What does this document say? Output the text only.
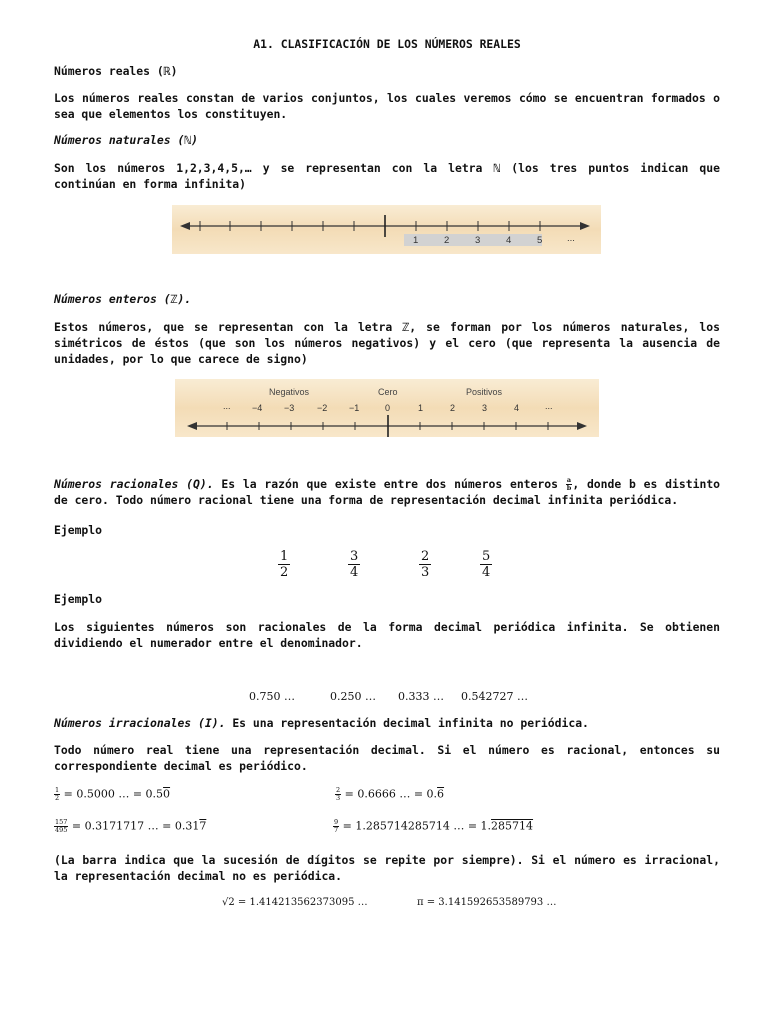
A1. CLASIFICACIÓN DE LOS NÚMEROS REALES
Números reales (ℝ)
Los números reales constan de varios conjuntos, los cuales veremos cómo se encuentran formados o sea que elementos los constituyen.
Números naturales (ℕ)
Son los números 1,2,3,4,5,… y se representan con la letra ℕ (los tres puntos indican que continúan en forma infinita)
1	2	3	4	5	...
Números enteros (ℤ).
Estos números, que se representan con la letra ℤ, se forman por los números naturales, los simétricos de éstos (que son los números negativos) y el cero (que representa la ausencia de unidades, por lo que carece de signo)
Negativos	Cero	Positivos
... −4 −3	−2 −1	0	1	2	3	4	...
Números racionales (Q). Es la razón que existe entre dos números enteros $\frac{a}{b}$ , donde b es distinto de cero. Todo número racional tiene una forma de representación decimal infinita periódica.
Ejemplo
$\frac{1}{2}$	$\frac{3}{4}$	$\frac{2}{3}$	$\frac{5}{4}$
Ejemplo
Los siguientes números son racionales de la forma decimal periódica infinita. Se obtienen dividiendo el numerador entre el denominador.
0.750 …	0.250 … 0.333 … 0.542727 …
Números irracionales (I). Es una representación decimal infinita no periódica.
Todo número real tiene una representación decimal. Si el número es racional, entonces su correspondiente decimal es periódico.
$\frac{1}{2} = 0.5000$ … = 0.50	$\frac{2}{3} = 0.6666$ … = 0.6
$\frac{157}{495} = 0.3171717$ … = 0.317	$\frac{9}{7} = 1.285714285714$ … = 1.285714
(La barra indica que la sucesión de dígitos se repite por siempre). Si el número es irracional, la representación decimal no es periódica.
√2 = 1.414213562373095 …	π = 3.141592653589793 …
